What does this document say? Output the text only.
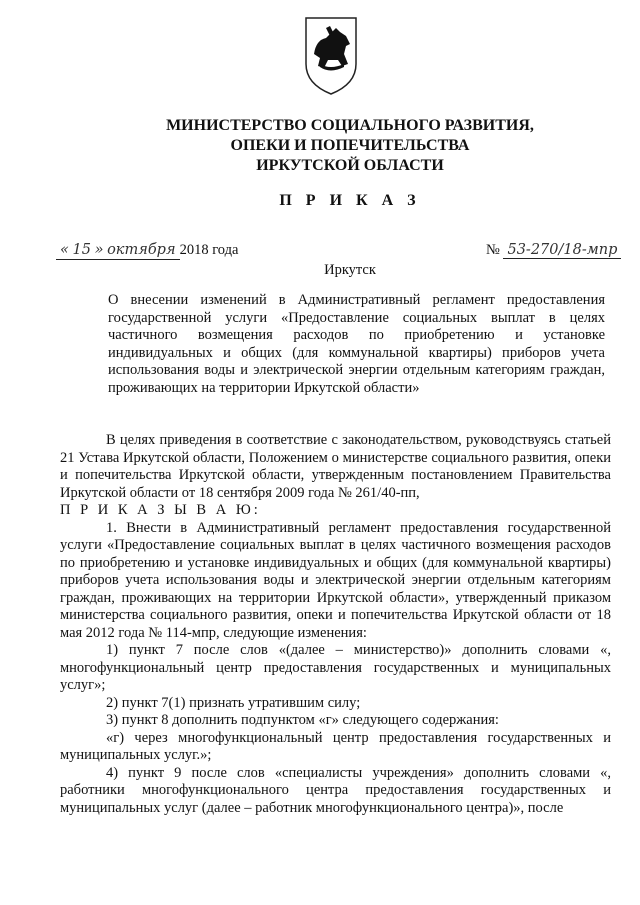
МИНИСТЕРСТВО СОЦИАЛЬНОГО РАЗВИТИЯ,
ОПЕКИ И ПОПЕЧИТЕЛЬСТВА
ИРКУТСКОЙ ОБЛАСТИ
П Р И К А З
« 15 » октября 2018 года	№ 53-270/18-мпр
Иркутск
О внесении изменений в Административный регламент предоставления государственной услуги «Предоставление социальных выплат в целях частичного возмещения расходов по приобретению и установке индивидуальных и общих (для коммунальной квартиры) приборов учета использования воды и электрической энергии отдельным категориям граждан, проживающих на территории Иркутской области»

В целях приведения в соответствие с законодательством, руководствуясь статьей 21 Устава Иркутской области, Положением о министерстве социального развития, опеки и попечительства Иркутской области, утвержденным постановлением Правительства Иркутской области от 18 сентября 2009 года № 261/40-пп,

П Р И К А З Ы В А Ю:

1. Внести в Административный регламент предоставления государственной услуги «Предоставление социальных выплат в целях частичного возмещения расходов по приобретению и установке индивидуальных и общих (для коммунальной квартиры) приборов учета использования воды и электрической энергии отдельным категориям граждан, проживающих на территории Иркутской области», утвержденный приказом министерства социального развития, опеки и попечительства Иркутской области от 18 мая 2012 года № 114-мпр, следующие изменения:

1) пункт 7 после слов «(далее – министерство)» дополнить словами «, многофункциональный центр предоставления государственных и муниципальных услуг»;

2) пункт 7(1) признать утратившим силу;

3) пункт 8 дополнить подпунктом «г» следующего содержания:

«г) через многофункциональный центр предоставления государственных и муниципальных услуг.»;

4) пункт 9 после слов «специалисты учреждения» дополнить словами «, работники многофункционального центра предоставления государственных и муниципальных услуг (далее – работник многофункционального центра)», после
